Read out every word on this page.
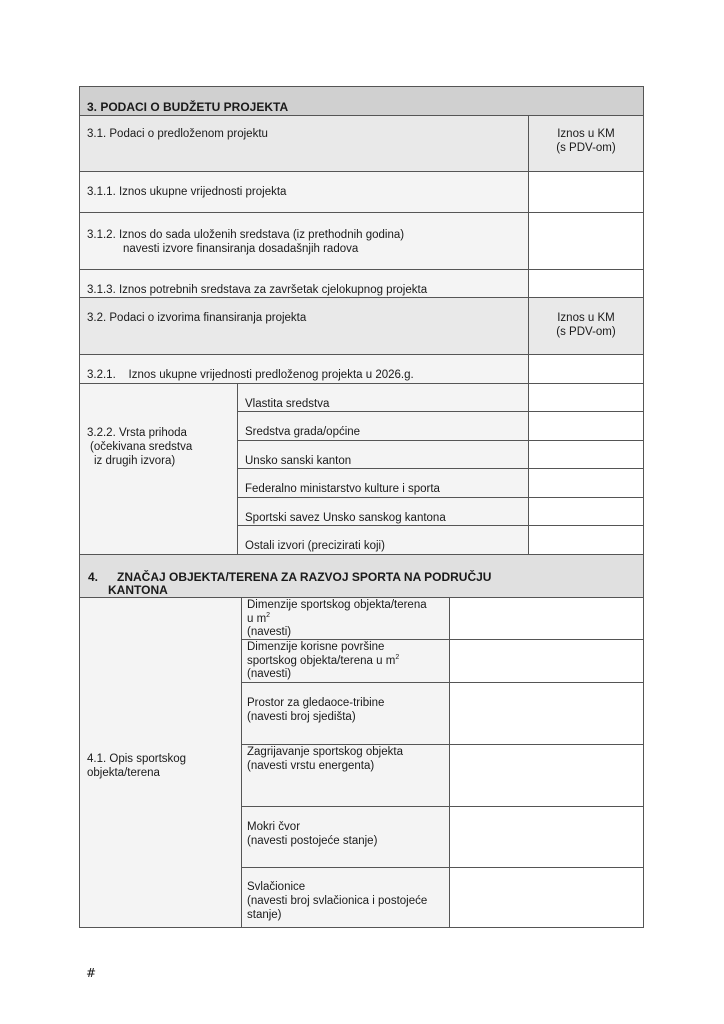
3. PODACI O BUDŽETU PROJEKTA
3.1. Podaci o predloženom projektu	Iznos u KM
(s PDV-om)
3.1.1. Iznos ukupne vrijednosti projekta
3.1.2. Iznos do sada uloženih sredstava (iz prethodnih godina)
navesti izvore finansiranja dosadašnjih radova
3.1.3. Iznos potrebnih sredstava za završetak cjelokupnog projekta
3.2. Podaci o izvorima finansiranja projekta	Iznos u KM
(s PDV-om)
3.2.1.    Iznos ukupne vrijednosti predloženog projekta u 2026.g.
3.2.2. Vrsta prihoda
(očekivana sredstva
iz drugih izvora)
Vlastita sredstva
Sredstva grada/općine
Unsko sanski kanton
Federalno ministarstvo kulture i sporta
Sportski savez Unsko sanskog kantona
Ostali izvori (precizirati koji)
4. ZNAČAJ OBJEKTA/TERENA ZA RAZVOJ SPORTA NA PODRUČJU
KANTONA
4.1. Opis sportskog
objekta/terena
Dimenzije sportskog objekta/terena
u $m^2$
(navesti)
Dimenzije korisne površine
sportskog objekta/terena u $m^2$
(navesti)
Prostor za gledaoce-tribine
(navesti broj sjedišta)
Zagrijavanje sportskog objekta
(navesti vrstu energenta)
Mokri čvor
(navesti postojeće stanje)
Svlačionice
(navesti broj svlačionica i postojeće
stanje)
#
